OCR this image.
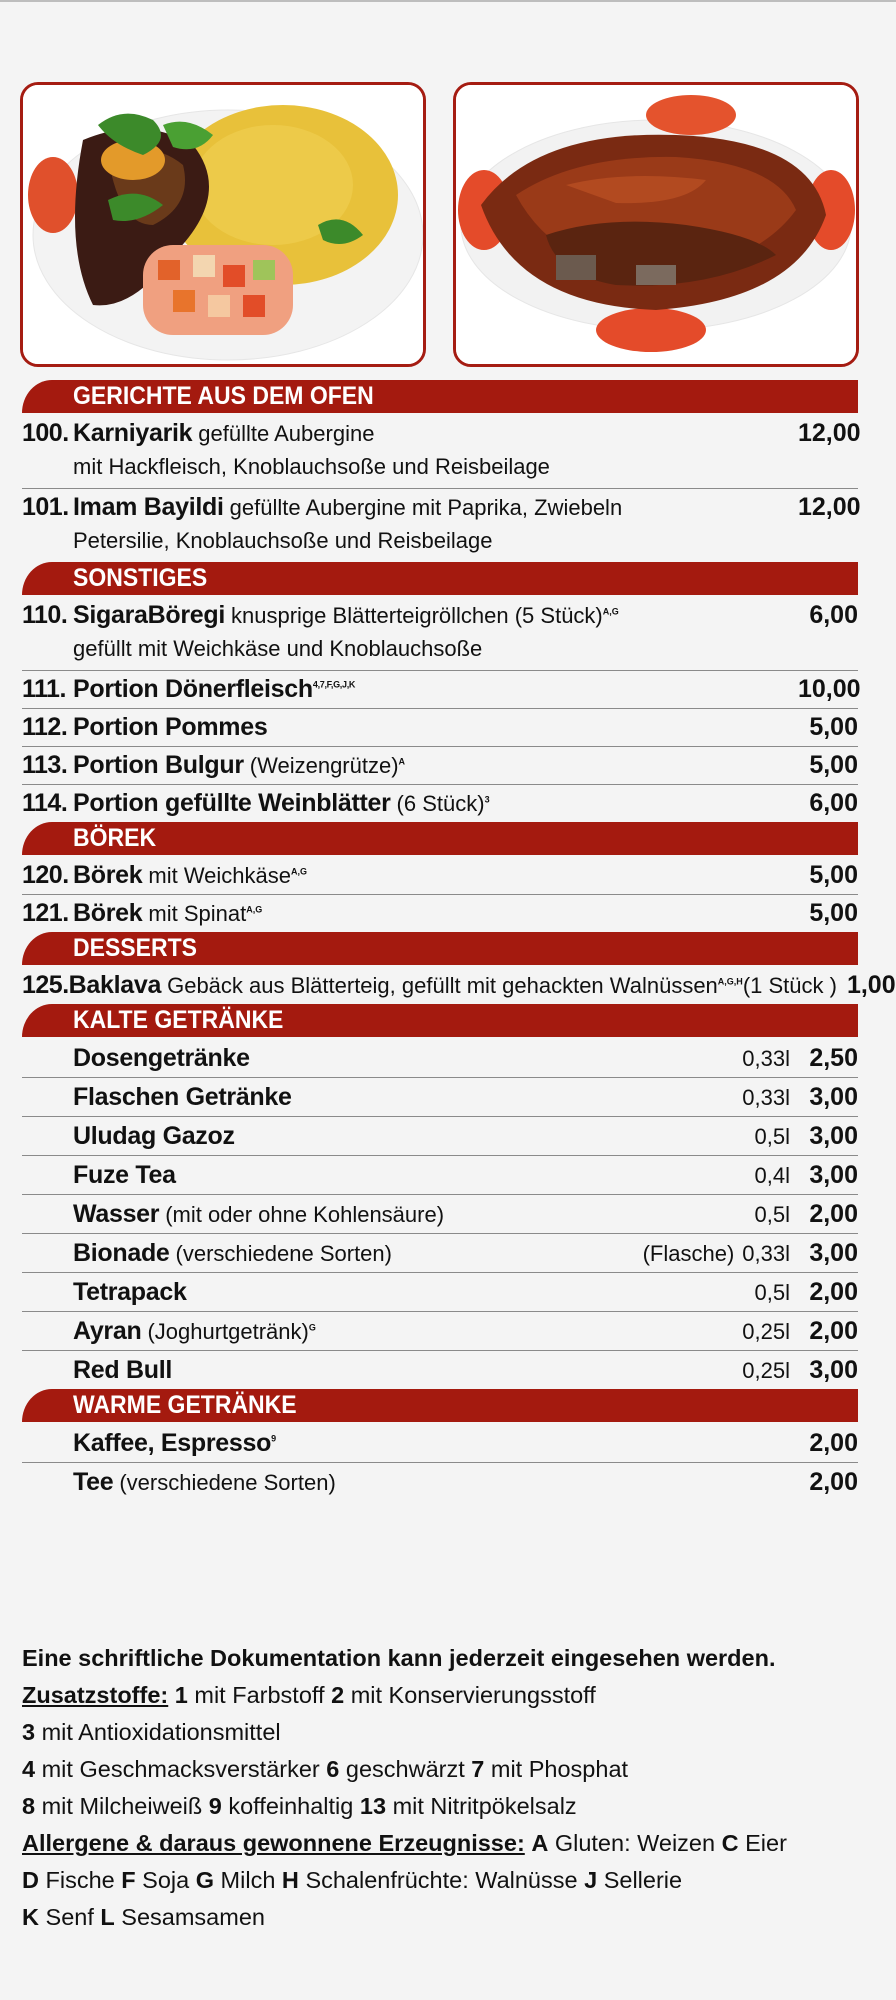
GERICHTE AUS DEM OFEN
100. Karniyarik gefüllte Aubergine	12,00
mit Hackfleisch, Knoblauchsoße und Reisbeilage
101. Imam Bayildi gefüllte Aubergine mit Paprika, Zwiebeln	12,00
Petersilie, Knoblauchsoße und Reisbeilage
SONSTIGES
110. SigaraBöregi knusprige Blätterteigröllchen (5 Stück)$^{A,G}$	6,00
gefüllt mit Weichkäse und Knoblauchsoße
111. Portion Dönerfleisch$^{4,7,F,G,J,K}$	10,00
112. Portion Pommes	5,00
113. Portion Bulgur (Weizengrütze)$^A$	5,00
114. Portion gefüllte Weinblätter (6 Stück)$^3$	6,00
BÖREK
120. Börek mit Weichkäse$^{A,G}$	5,00
121. Börek mit Spinat$^{A,G}$	5,00
DESSERTS
125. Baklava Gebäck aus Blätterteig, gefüllt mit gehackten Walnüssen$^{A,G,H}$ (1 Stück ) 1,00
KALTE GETRÄNKE
Dosengetränke	0,33l 2,50
Flaschen Getränke	0,33l 3,00
Uludag Gazoz	0,5l 3,00
Fuze Tea	0,4l 3,00
Wasser (mit oder ohne Kohlensäure)	0,5l 2,00
Bionade (verschiedene Sorten)	(Flasche) 0,33l 3,00
Tetrapack	0,5l 2,00
Ayran (Joghurtgetränk)$^G$	0,25l 2,00
Red Bull	0,25l 3,00
WARME GETRÄNKE
Kaffee, Espresso$^9$	2,00
Tee (verschiedene Sorten)	2,00
Eine schriftliche Dokumentation kann jederzeit eingesehen werden.
Zusatzstoffe: 1 mit Farbstoff 2 mit Konservierungsstoff
3 mit Antioxidationsmittel
4 mit Geschmacksverstärker 6 geschwärzt 7 mit Phosphat
8 mit Milcheiweiß 9 koffeinhaltig 13 mit Nitritpökelsalz
Allergene & daraus gewonnene Erzeugnisse: A Gluten: Weizen C Eier
D Fische F Soja G Milch H Schalenfrüchte: Walnüsse J Sellerie
K Senf L Sesamsamen
